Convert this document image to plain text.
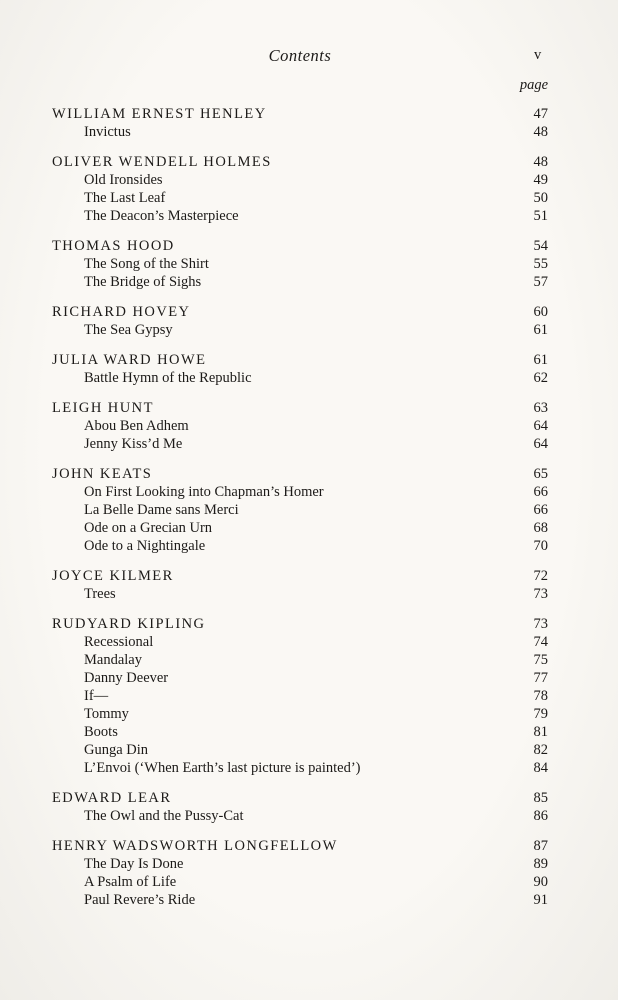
Contents	v
page
WILLIAM ERNEST HENLEY	47
Invictus	48
OLIVER WENDELL HOLMES	48
Old Ironsides	49
The Last Leaf	50
The Deacon’s Masterpiece	51
THOMAS HOOD	54
The Song of the Shirt	55
The Bridge of Sighs	57
RICHARD HOVEY	60
The Sea Gypsy	61
JULIA WARD HOWE	61
Battle Hymn of the Republic	62
LEIGH HUNT	63
Abou Ben Adhem	64
Jenny Kiss’d Me	64
JOHN KEATS	65
On First Looking into Chapman’s Homer	66
La Belle Dame sans Merci	66
Ode on a Grecian Urn	68
Ode to a Nightingale	70
JOYCE KILMER	72
Trees	73
RUDYARD KIPLING	73
Recessional	74
Mandalay	75
Danny Deever	77
If—	78
Tommy	79
Boots	81
Gunga Din	82
L’Envoi (‘When Earth’s last picture is painted’)	84
EDWARD LEAR	85
The Owl and the Pussy-Cat	86
HENRY WADSWORTH LONGFELLOW	87
The Day Is Done	89
A Psalm of Life	90
Paul Revere’s Ride	91
